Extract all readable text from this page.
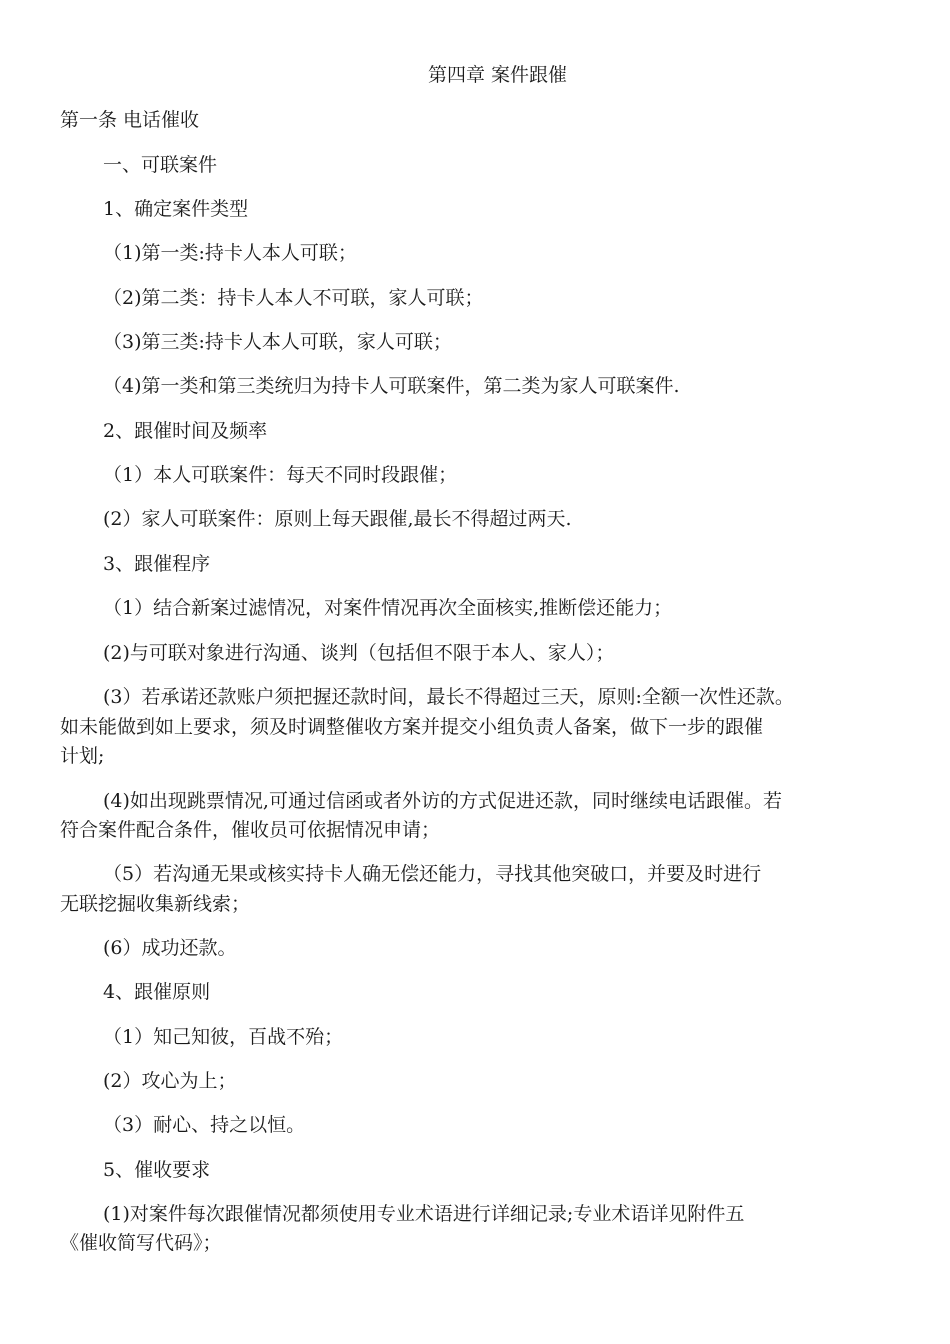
第四章 案件跟催
第一条 电话催收
一、可联案件
1、确定案件类型
（1)第一类:持卡人本人可联；
（2)第二类：持卡人本人不可联，家人可联；
（3)第三类:持卡人本人可联，家人可联；
（4)第一类和第三类统归为持卡人可联案件，第二类为家人可联案件.
2、跟催时间及频率
（1）本人可联案件：每天不同时段跟催；
(2）家人可联案件：原则上每天跟催,最长不得超过两天.
3、跟催程序
（1）结合新案过滤情况，对案件情况再次全面核实,推断偿还能力；
(2)与可联对象进行沟通、谈判（包括但不限于本人、家人）；
(3）若承诺还款账户须把握还款时间，最长不得超过三天，原则:全额一次性还款。
如未能做到如上要求，须及时调整催收方案并提交小组负责人备案，做下一步的跟催
计划;
(4)如出现跳票情况,可通过信函或者外访的方式促进还款，同时继续电话跟催。若
符合案件配合条件，催收员可依据情况申请；
（5）若沟通无果或核实持卡人确无偿还能力，寻找其他突破口，并要及时进行
无联挖掘收集新线索；
(6）成功还款。
4、跟催原则
（1）知己知彼，百战不殆；
(2）攻心为上；
（3）耐心、持之以恒。
5、催收要求
(1)对案件每次跟催情况都须使用专业术语进行详细记录;专业术语详见附件五
《催收简写代码》；
